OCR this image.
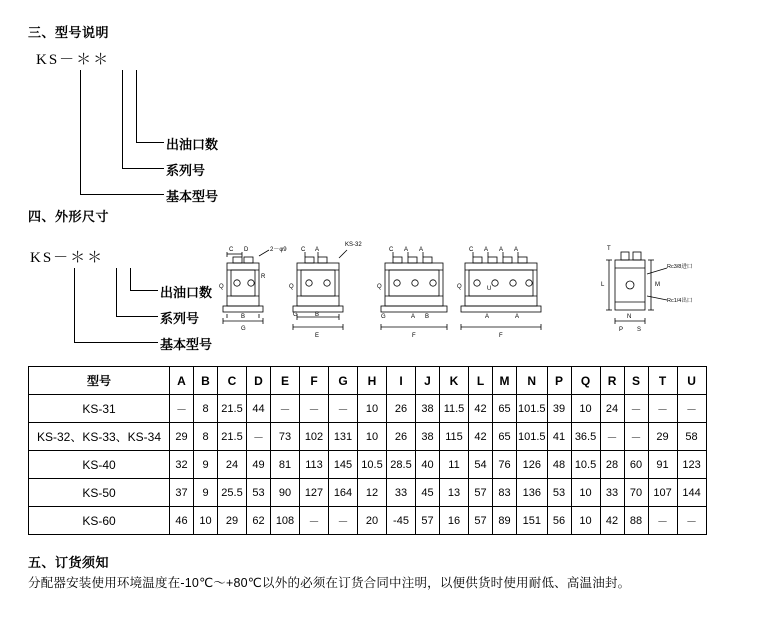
三、型号说明
KS－＊＊
出油口数
系列号
基本型号
四、外形尺寸
KS－＊＊
出油口数
系列号
基本型号
C D
B
G
Q
R
2－φ9 C A
E
B
Q
G
KS-32
C A A
F
A B
Q
G
C A A A
F
A	A
Q	U
L	M
N
P S
T
Rc3/8进口
Rc1/4出口
型号	A	B	C	D	E	F	G	H	I	J	K	L	M	N	P	Q	R	S	T	U
KS-31	－	8	21.5	44	－	－	－	10	26	38	11.5	42	65	101.5	39	10	24	－	－	－
KS-32、KS-33、KS-34	29	8	21.5	－	73	102	131	10	26	38	115	42	65	101.5	41	36.5	－	－	29	58
KS-40	32	9	24	49	81	113	145	10.5	28.5	40	11	54	76	126	48	10.5	28	60	91	123
KS-50	37	9	25.5	53	90	127	164	12	33	45	13	57	83	136	53	10	33	70	107	144
KS-60	46	10	29	62	108	－	－	20	-45	57	16	57	89	151	56	10	42	88	－	－
五、订货须知
分配器安装使用环境温度在-10℃～+80℃以外的必须在订货合同中注明，以便供货时使用耐低、高温油封。
